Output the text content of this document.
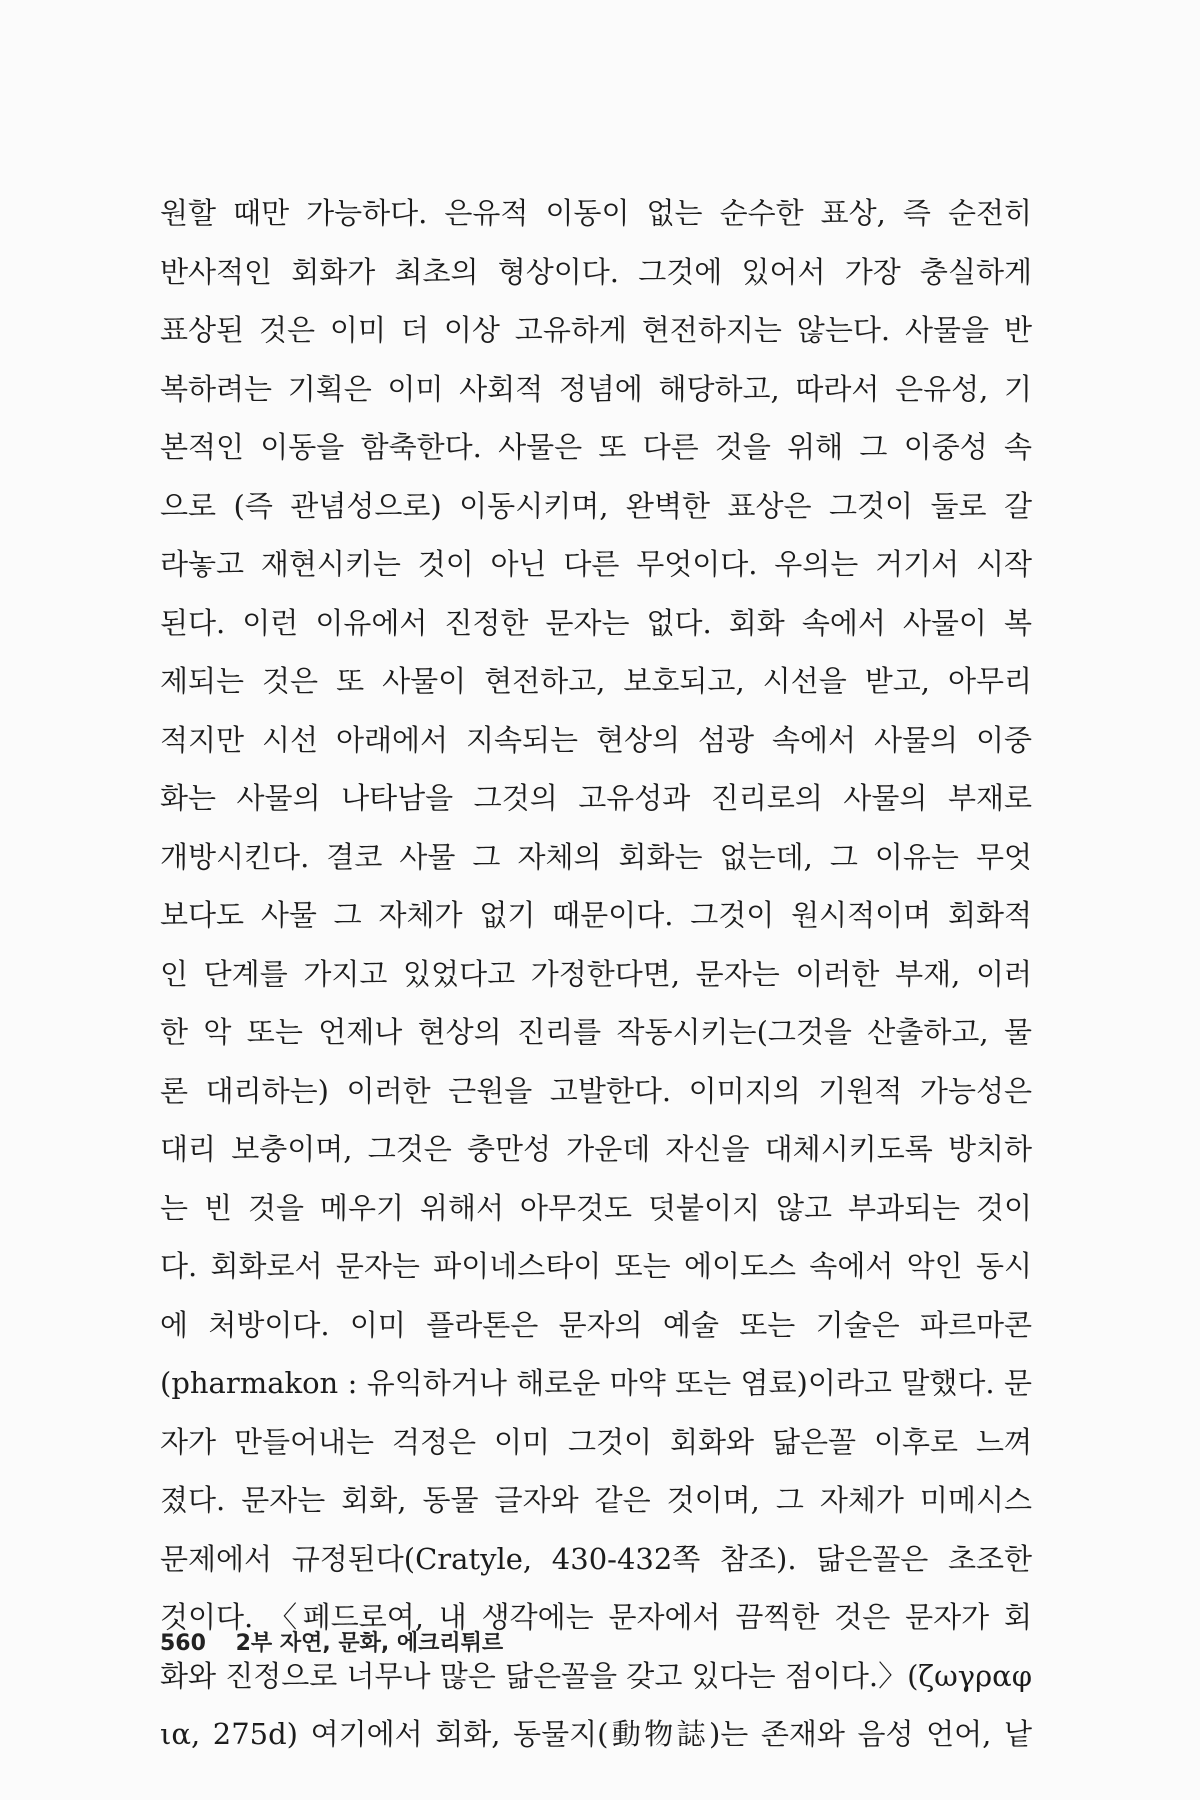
원할 때만 가능하다. 은유적 이동이 없는 순수한 표상, 즉 순전히
반사적인 회화가 최초의 형상이다. 그것에 있어서 가장 충실하게
표상된 것은 이미 더 이상 고유하게 현전하지는 않는다. 사물을 반
복하려는 기획은 이미 사회적 정념에 해당하고, 따라서 은유성, 기
본적인 이동을 함축한다. 사물은 또 다른 것을 위해 그 이중성 속
으로 (즉 관념성으로) 이동시키며, 완벽한 표상은 그것이 둘로 갈
라놓고 재현시키는 것이 아닌 다른 무엇이다. 우의는 거기서 시작
된다. 이런 이유에서 진정한 문자는 없다. 회화 속에서 사물이 복
제되는 것은 또 사물이 현전하고, 보호되고, 시선을 받고, 아무리
적지만 시선 아래에서 지속되는 현상의 섬광 속에서 사물의 이중
화는 사물의 나타남을 그것의 고유성과 진리로의 사물의 부재로
개방시킨다. 결코 사물 그 자체의 회화는 없는데, 그 이유는 무엇
보다도 사물 그 자체가 없기 때문이다. 그것이 원시적이며 회화적
인 단계를 가지고 있었다고 가정한다면, 문자는 이러한 부재, 이러
한 악 또는 언제나 현상의 진리를 작동시키는(그것을 산출하고, 물
론 대리하는) 이러한 근원을 고발한다. 이미지의 기원적 가능성은
대리 보충이며, 그것은 충만성 가운데 자신을 대체시키도록 방치하
는 빈 것을 메우기 위해서 아무것도 덧붙이지 않고 부과되는 것이
다. 회화로서 문자는 파이네스타이 또는 에이도스 속에서 악인 동시
에 처방이다. 이미 플라톤은 문자의 예술 또는 기술은 파르마콘
(pharmakon : 유익하거나 해로운 마약 또는 염료)이라고 말했다. 문
자가 만들어내는 걱정은 이미 그것이 회화와 닮은꼴 이후로 느껴
졌다. 문자는 회화, 동물 글자와 같은 것이며, 그 자체가 미메시스
문제에서 규정된다(Cratyle, 430-432쪽 참조). 닮은꼴은 초조한
것이다. 〈페드로여, 내 생각에는 문자에서 끔찍한 것은 문자가 회
화와 진정으로 너무나 많은 닮은꼴을 갖고 있다는 점이다.〉(ζωγραφ
ια, 275d) 여기에서 회화, 동물지(動物誌)는 존재와 음성 언어, 낱
560 2부 자연, 문화, 에크리튀르
